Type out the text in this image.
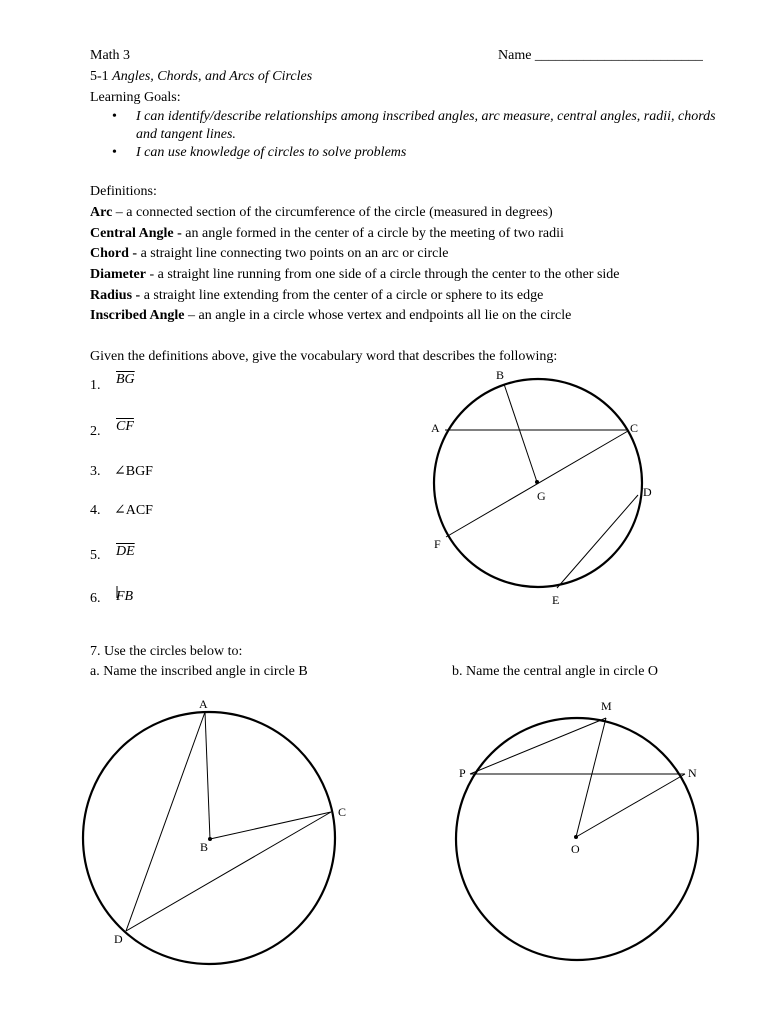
Math 3	Name ________________________
5-1 Angles, Chords, and Arcs of Circles
Learning Goals:
• I can identify/describe relationships among inscribed angles, arc measure, central angles, radii, chords and tangent lines.
• I can use knowledge of circles to solve problems
Definitions:
Arc – a connected section of the circumference of the circle (measured in degrees)
Central Angle - an angle formed in the center of a circle by the meeting of two radii
Chord - a straight line connecting two points on an arc or circle
Diameter - a straight line running from one side of a circle through the center to the other side
Radius - a straight line extending from the center of a circle or sphere to its edge
Inscribed Angle – an angle in a circle whose vertex and endpoints all lie on the circle
Given the definitions above, give the vocabulary word that describes the following:
1. $\overline{BG}$
2. $\overline{CF}$
3. ∠BGF
4. ∠ACF
5. $\overline{DE}$
6. FB
7. Use the circles below to:
a. Name the inscribed angle in circle B	b. Name the central angle in circle O
B
A	C
G	D
F
E
A
B
C
D
M
P	N
O
